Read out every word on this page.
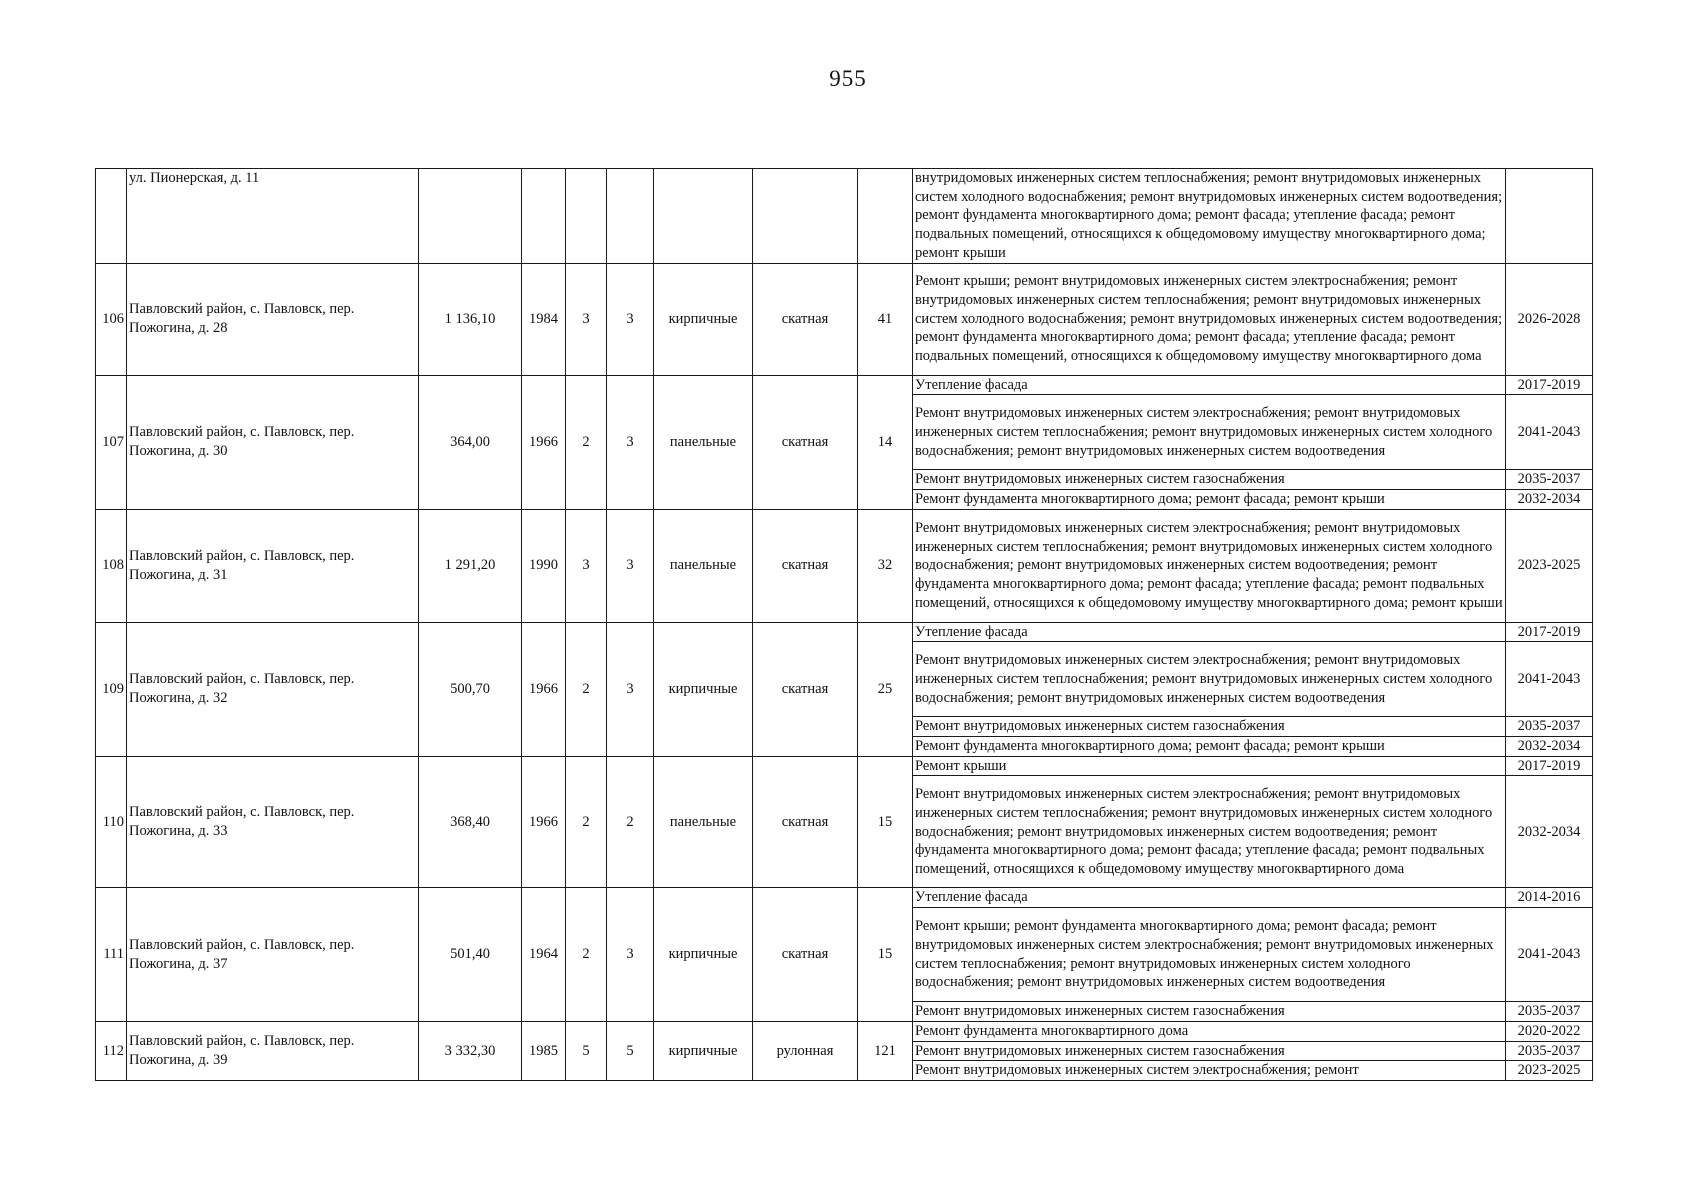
955
	ул. Пионерская, д. 11								внутридомовых инженерных систем теплоснабжения; ремонт внутридомовых инженерных систем холодного водоснабжения; ремонт внутридомовых инженерных систем водоотведения; ремонт фундамента многоквартирного дома; ремонт фасада; утепление фасада; ремонт подвальных помещений, относящихся к общедомовому имуществу многоквартирного дома; ремонт крыши	
106	Павловский район, с. Павловск, пер. Пожогина, д. 28	1 136,10	1984	3	3	кирпичные	скатная	41	Ремонт крыши; ремонт внутридомовых инженерных систем электроснабжения; ремонт внутридомовых инженерных систем теплоснабжения; ремонт внутридомовых инженерных систем холодного водоснабжения; ремонт внутридомовых инженерных систем водоотведения; ремонт фундамента многоквартирного дома; ремонт фасада; утепление фасада; ремонт подвальных помещений, относящихся к общедомовому имуществу многоквартирного дома	2026-2028
107	Павловский район, с. Павловск, пер. Пожогина, д. 30	364,00	1966	2	3	панельные	скатная	14	Утепление фасада	2017-2019
									Ремонт внутридомовых инженерных систем электроснабжения; ремонт внутридомовых инженерных систем теплоснабжения; ремонт внутридомовых инженерных систем холодного водоснабжения; ремонт внутридомовых инженерных систем водоотведения	2041-2043
									Ремонт внутридомовых инженерных систем газоснабжения	2035-2037
									Ремонт фундамента многоквартирного дома; ремонт фасада; ремонт крыши	2032-2034
108	Павловский район, с. Павловск, пер. Пожогина, д. 31	1 291,20	1990	3	3	панельные	скатная	32	Ремонт внутридомовых инженерных систем электроснабжения; ремонт внутридомовых инженерных систем теплоснабжения; ремонт внутридомовых инженерных систем холодного водоснабжения; ремонт внутридомовых инженерных систем водоотведения; ремонт фундамента многоквартирного дома; ремонт фасада; утепление фасада; ремонт подвальных помещений, относящихся к общедомовому имуществу многоквартирного дома; ремонт крыши	2023-2025
109	Павловский район, с. Павловск, пер. Пожогина, д. 32	500,70	1966	2	3	кирпичные	скатная	25	Утепление фасада	2017-2019
									Ремонт внутридомовых инженерных систем электроснабжения; ремонт внутридомовых инженерных систем теплоснабжения; ремонт внутридомовых инженерных систем холодного водоснабжения; ремонт внутридомовых инженерных систем водоотведения	2041-2043
									Ремонт внутридомовых инженерных систем газоснабжения	2035-2037
									Ремонт фундамента многоквартирного дома; ремонт фасада; ремонт крыши	2032-2034
110	Павловский район, с. Павловск, пер. Пожогина, д. 33	368,40	1966	2	2	панельные	скатная	15	Ремонт крыши	2017-2019
									Ремонт внутридомовых инженерных систем электроснабжения; ремонт внутридомовых инженерных систем теплоснабжения; ремонт внутридомовых инженерных систем холодного водоснабжения; ремонт внутридомовых инженерных систем водоотведения; ремонт фундамента многоквартирного дома; ремонт фасада; утепление фасада; ремонт подвальных помещений, относящихся к общедомовому имуществу многоквартирного дома	2032-2034
111	Павловский район, с. Павловск, пер. Пожогина, д. 37	501,40	1964	2	3	кирпичные	скатная	15	Утепление фасада	2014-2016
									Ремонт крыши; ремонт фундамента многоквартирного дома; ремонт фасада; ремонт внутридомовых инженерных систем электроснабжения; ремонт внутридомовых инженерных систем теплоснабжения; ремонт внутридомовых инженерных систем холодного водоснабжения; ремонт внутридомовых инженерных систем водоотведения	2041-2043
									Ремонт внутридомовых инженерных систем газоснабжения	2035-2037
112	Павловский район, с. Павловск, пер. Пожогина, д. 39	3 332,30	1985	5	5	кирпичные	рулонная	121	Ремонт фундамента многоквартирного дома	2020-2022
									Ремонт внутридомовых инженерных систем газоснабжения	2035-2037
									Ремонт внутридомовых инженерных систем электроснабжения; ремонт	2023-2025
